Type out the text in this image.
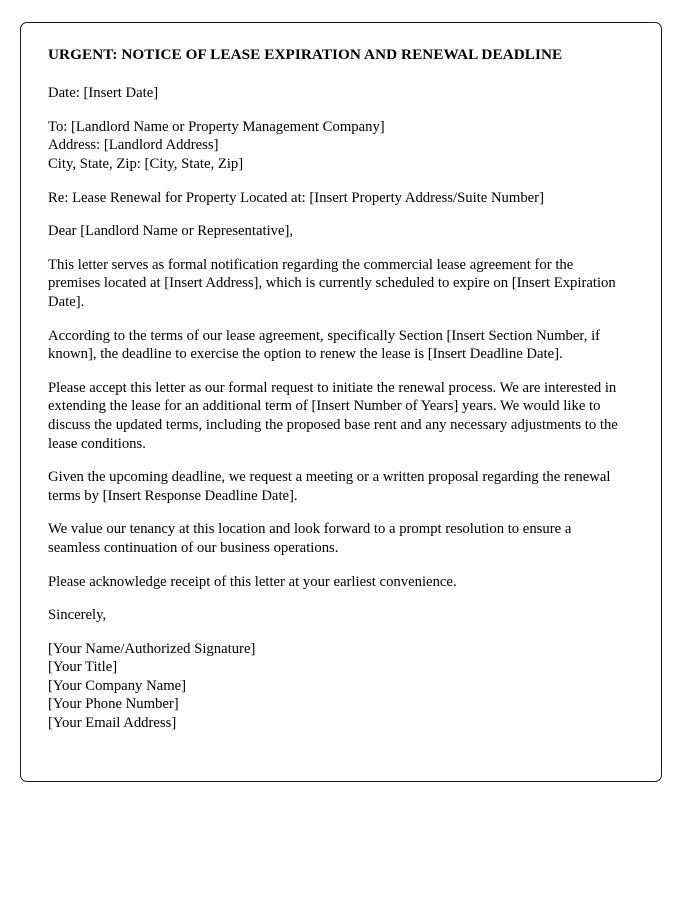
URGENT: NOTICE OF LEASE EXPIRATION AND RENEWAL DEADLINE

Date: [Insert Date]

To: [Landlord Name or Property Management Company]
Address: [Landlord Address]
City, State, Zip: [City, State, Zip]

Re: Lease Renewal for Property Located at: [Insert Property Address/Suite Number]

Dear [Landlord Name or Representative],

This letter serves as formal notification regarding the commercial lease agreement for the premises located at [Insert Address], which is currently scheduled to expire on [Insert Expiration Date].

According to the terms of our lease agreement, specifically Section [Insert Section Number, if known], the deadline to exercise the option to renew the lease is [Insert Deadline Date].

Please accept this letter as our formal request to initiate the renewal process. We are interested in extending the lease for an additional term of [Insert Number of Years] years. We would like to discuss the updated terms, including the proposed base rent and any necessary adjustments to the lease conditions.

Given the upcoming deadline, we request a meeting or a written proposal regarding the renewal terms by [Insert Response Deadline Date].

We value our tenancy at this location and look forward to a prompt resolution to ensure a seamless continuation of our business operations.

Please acknowledge receipt of this letter at your earliest convenience.

Sincerely,

[Your Name/Authorized Signature]
[Your Title]
[Your Company Name]
[Your Phone Number]
[Your Email Address]
